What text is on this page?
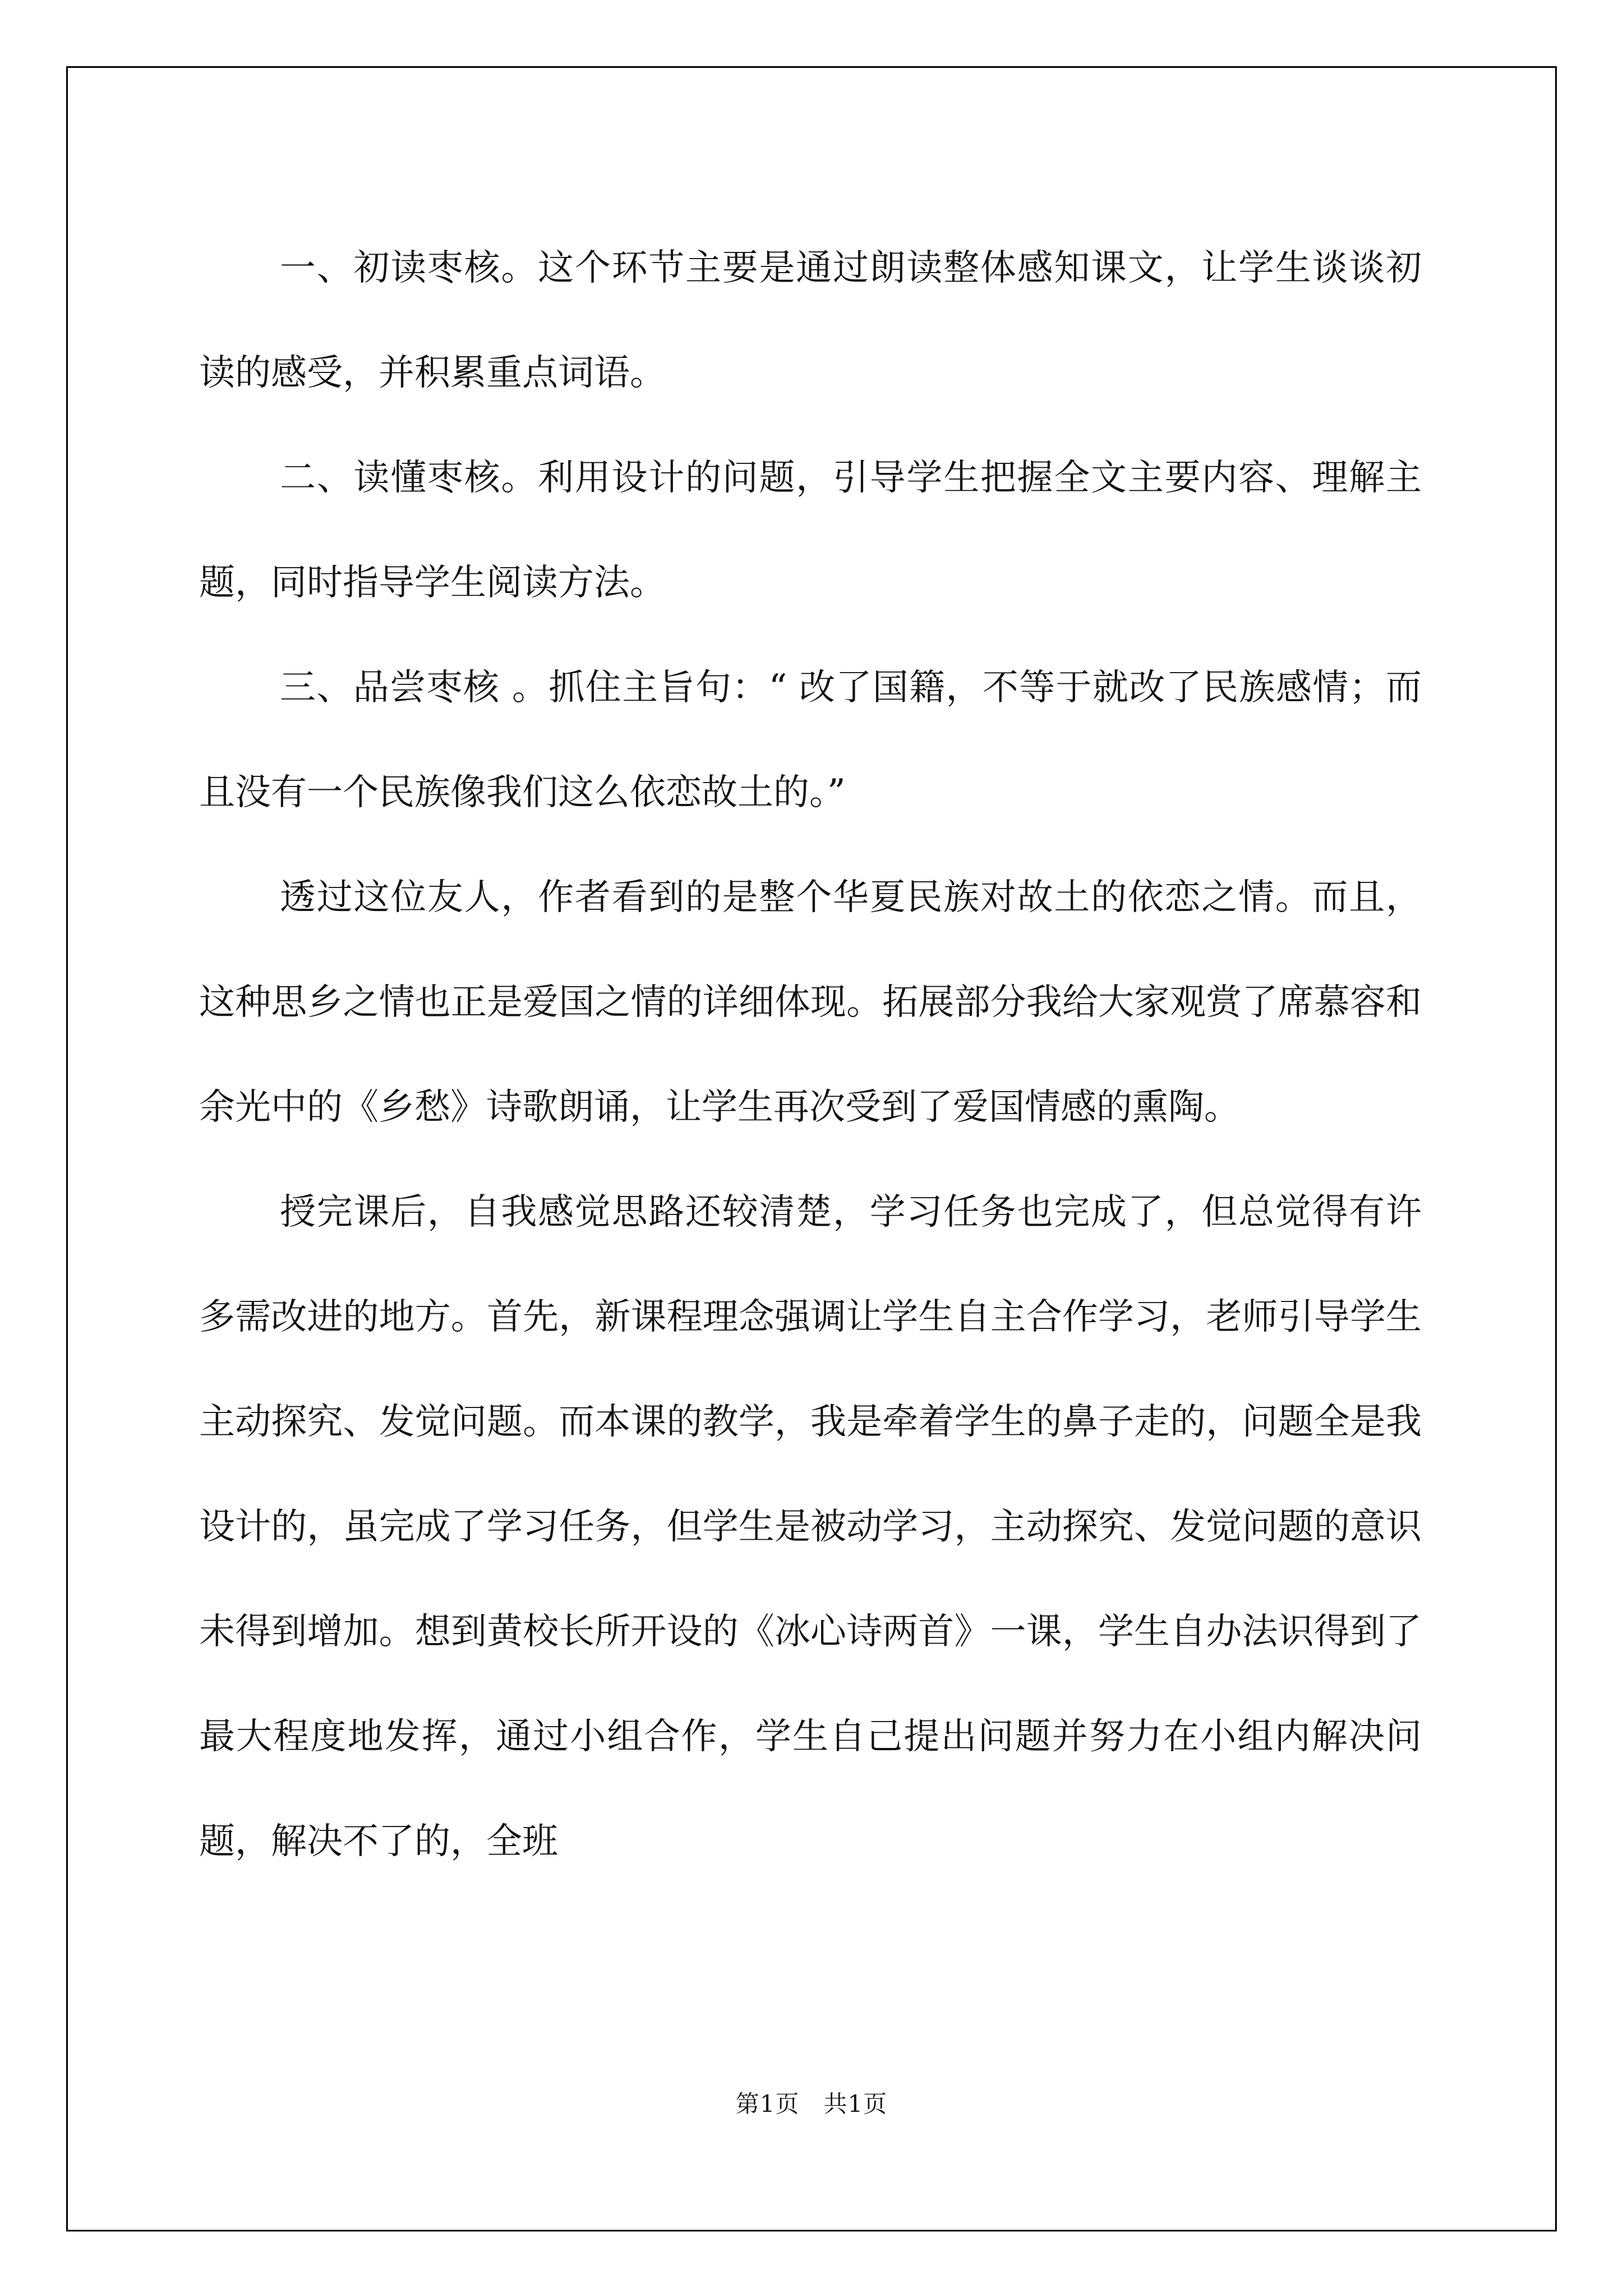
一、初读枣核。这个环节主要是通过朗读整体感知课文，让学生谈谈初读的感受，并积累重点词语。

二、读懂枣核。利用设计的问题，引导学生把握全文主要内容、理解主题，同时指导学生阅读方法。

三、品尝枣核 。抓住主旨句：“ 改了国籍，不等于就改了民族感情；而且没有一个民族像我们这么依恋故土的。”

透过这位友人，作者看到的是整个华夏民族对故土的依恋之情。而且，这种思乡之情也正是爱国之情的详细体现。拓展部分我给大家观赏了席慕容和余光中的《乡愁》诗歌朗诵，让学生再次受到了爱国情感的熏陶。

授完课后，自我感觉思路还较清楚，学习任务也完成了，但总觉得有许多需改进的地方。首先，新课程理念强调让学生自主合作学习，老师引导学生主动探究、发觉问题。而本课的教学，我是牵着学生的鼻子走的，问题全是我设计的，虽完成了学习任务，但学生是被动学习，主动探究、发觉问题的意识未得到增加。想到黄校长所开设的《冰心诗两首》一课，学生自办法识得到了最大程度地发挥，通过小组合作，学生自己提出问题并努力在小组内解决问题，解决不了的，全班

第1页　共1页
